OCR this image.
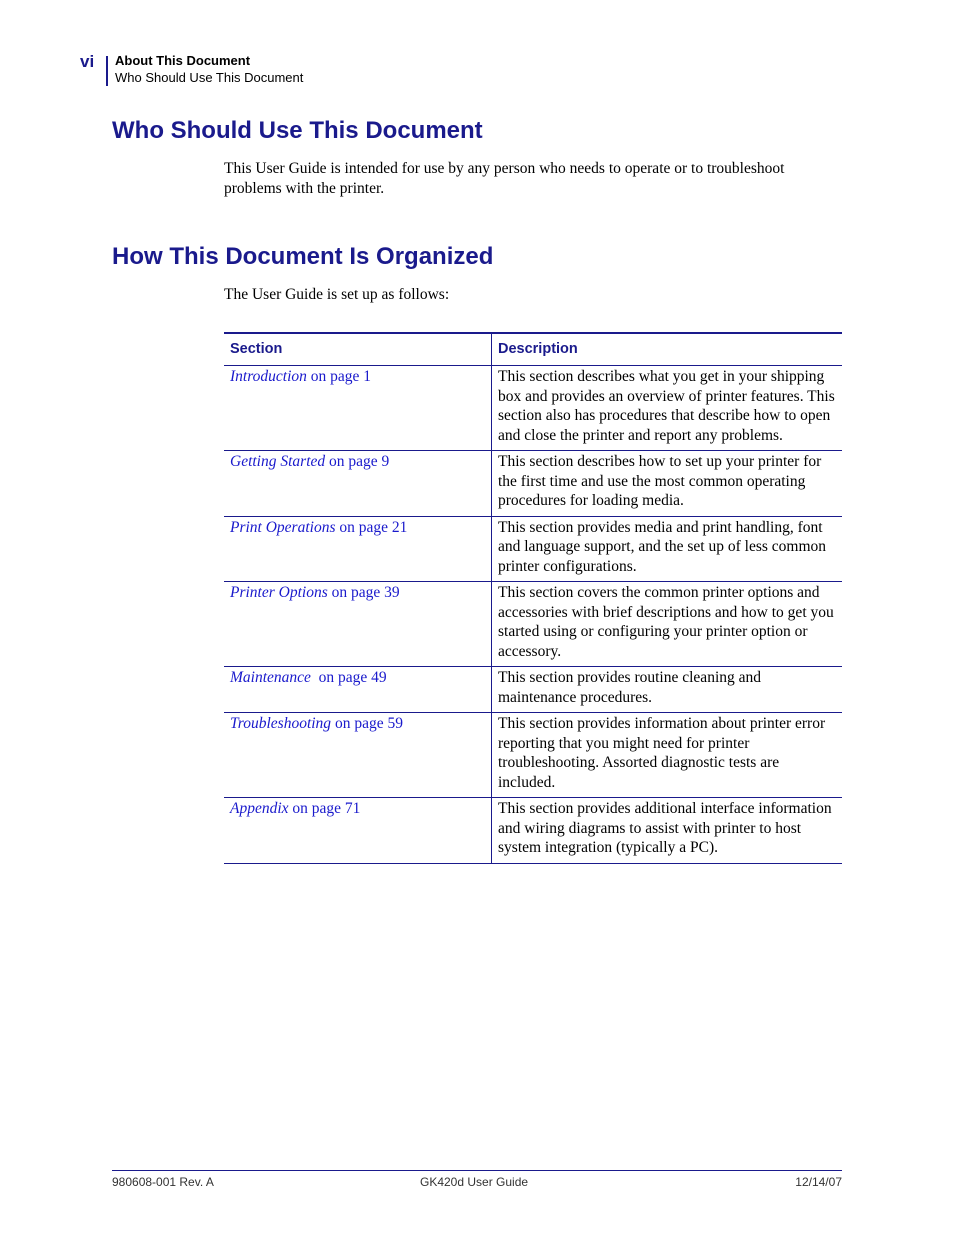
vi About This Document
Who Should Use This Document
Who Should Use This Document
This User Guide is intended for use by any person who needs to operate or to troubleshoot problems with the printer.
How This Document Is Organized
The User Guide is set up as follows:
Section	Description
Introduction on page 1	This section describes what you get in your shipping box and provides an overview of printer features. This section also has procedures that describe how to open and close the printer and report any problems.
Getting Started on page 9	This section describes how to set up your printer for the first time and use the most common operating procedures for loading media.
Print Operations on page 21	This section provides media and print handling, font and language support, and the set up of less common printer configurations.
Printer Options on page 39	This section covers the common printer options and accessories with brief descriptions and how to get you started using or configuring your printer option or accessory.
Maintenance  on page 49	This section provides routine cleaning and maintenance procedures.
Troubleshooting on page 59	This section provides information about printer error reporting that you might need for printer troubleshooting. Assorted diagnostic tests are included.
Appendix on page 71	This section provides additional interface information and wiring diagrams to assist with printer to host system integration (typically a PC).
980608-001 Rev. A	GK420d User Guide	12/14/07
